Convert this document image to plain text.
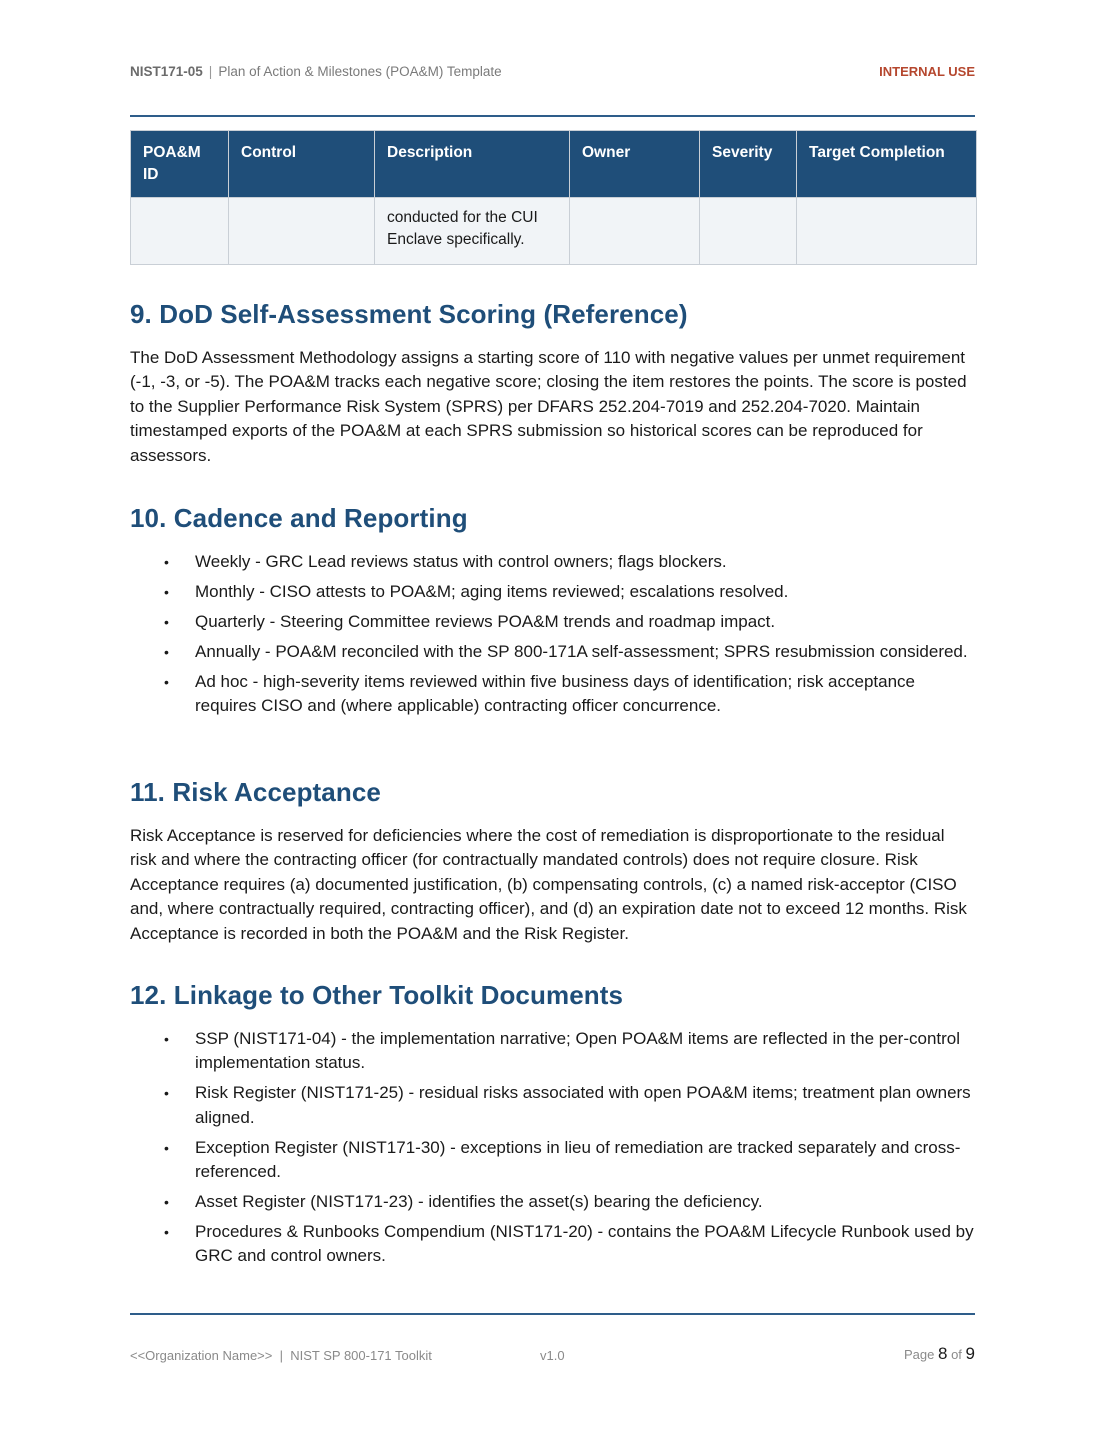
NIST171-05 | Plan of Action & Milestones (POA&M) Template	INTERNAL USE
POA&M ID	Control	Description	Owner	Severity	Target Completion
		conducted for the CUI Enclave specifically.			
9. DoD Self-Assessment Scoring (Reference)

The DoD Assessment Methodology assigns a starting score of 110 with negative values per unmet requirement (-1, -3, or -5). The POA&M tracks each negative score; closing the item restores the points. The score is posted to the Supplier Performance Risk System (SPRS) per DFARS 252.204-7019 and 252.204-7020. Maintain timestamped exports of the POA&M at each SPRS submission so historical scores can be reproduced for assessors.

10. Cadence and Reporting
• Weekly - GRC Lead reviews status with control owners; flags blockers.
• Monthly - CISO attests to POA&M; aging items reviewed; escalations resolved.
• Quarterly - Steering Committee reviews POA&M trends and roadmap impact.
• Annually - POA&M reconciled with the SP 800-171A self-assessment; SPRS resubmission considered.
• Ad hoc - high-severity items reviewed within five business days of identification; risk acceptance requires CISO and (where applicable) contracting officer concurrence.
11. Risk Acceptance

Risk Acceptance is reserved for deficiencies where the cost of remediation is disproportionate to the residual risk and where the contracting officer (for contractually mandated controls) does not require closure. Risk Acceptance requires (a) documented justification, (b) compensating controls, (c) a named risk-acceptor (CISO and, where contractually required, contracting officer), and (d) an expiration date not to exceed 12 months. Risk Acceptance is recorded in both the POA&M and the Risk Register.

12. Linkage to Other Toolkit Documents
• SSP (NIST171-04) - the implementation narrative; Open POA&M items are reflected in the per-control implementation status.
• Risk Register (NIST171-25) - residual risks associated with open POA&M items; treatment plan owners aligned.
• Exception Register (NIST171-30) - exceptions in lieu of remediation are tracked separately and cross-referenced.
• Asset Register (NIST171-23) - identifies the asset(s) bearing the deficiency.
• Procedures & Runbooks Compendium (NIST171-20) - contains the POA&M Lifecycle Runbook used by GRC and control owners.
<<Organization Name>> | NIST SP 800-171 Toolkit	v1.0	Page 8 of 9
